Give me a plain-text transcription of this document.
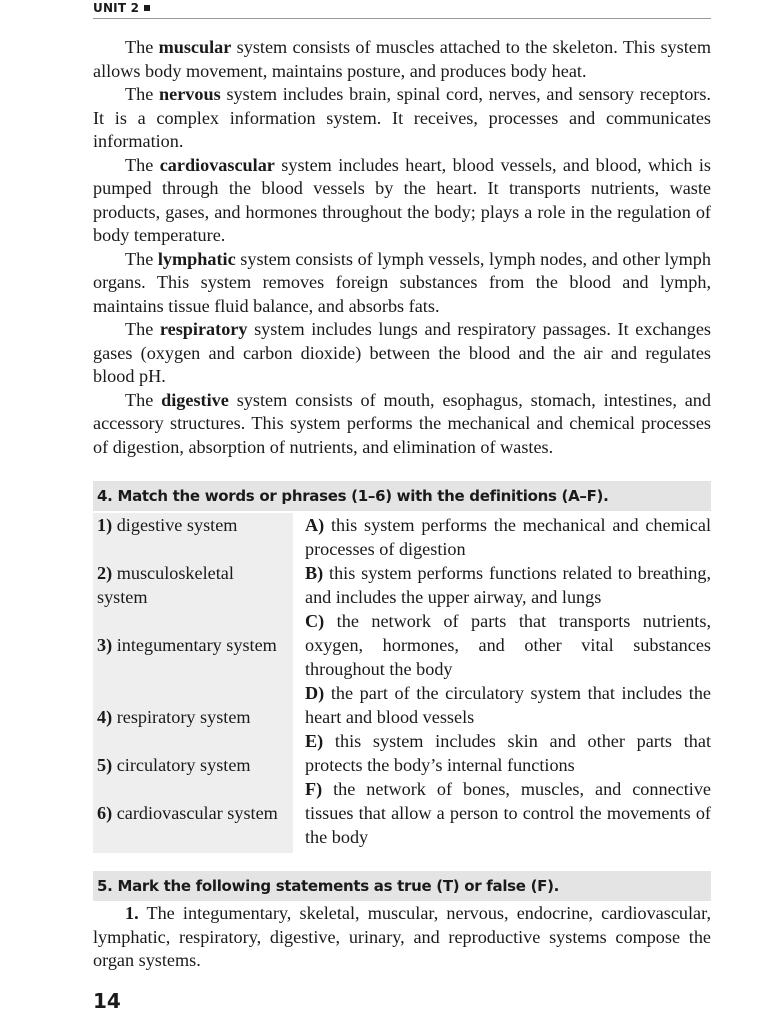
UNIT 2

The muscular system consists of muscles attached to the skeleton. This system allows body movement, maintains posture, and produces body heat.

The nervous system includes brain, spinal cord, nerves, and sensory receptors. It is a complex information system. It receives, processes and communicates information.

The cardiovascular system includes heart, blood vessels, and blood, which is pumped through the blood vessels by the heart. It transports nutrients, waste products, gases, and hormones throughout the body; plays a role in the regulation of body temperature.

The lymphatic system consists of lymph vessels, lymph nodes, and other lymph organs. This system removes foreign substances from the blood and lymph, maintains tissue fluid balance, and absorbs fats.

The respiratory system includes lungs and respiratory passages. It exchanges gases (oxygen and carbon dioxide) between the blood and the air and regulates blood pH.

The digestive system consists of mouth, esophagus, stomach, intestines, and accessory structures. This system performs the mechanical and chemical processes of digestion, absorption of nutrients, and elimination of wastes.

4. Match the words or phrases (1–6) with the definitions (A–F).
1) digestive system
2) musculoskeletal system
3) integumentary system
4) respiratory system
5) circulatory system
6) cardiovascular system
A) this system performs the mechanical and chemical processes of digestion
B) this system performs functions related to breathing, and includes the upper airway, and lungs
C) the network of parts that transports nutrients, oxygen, hormones, and other vital substances throughout the body
D) the part of the circulatory system that includes the heart and blood vessels
E) this system includes skin and other parts that protects the body’s internal functions
F) the network of bones, muscles, and connective tissues that allow a person to control the movements of the body
5. Mark the following statements as true (T) or false (F).

1. The integumentary, skeletal, muscular, nervous, endocrine, cardiovascular, lymphatic, respiratory, digestive, urinary, and reproductive systems compose the organ systems.

14
